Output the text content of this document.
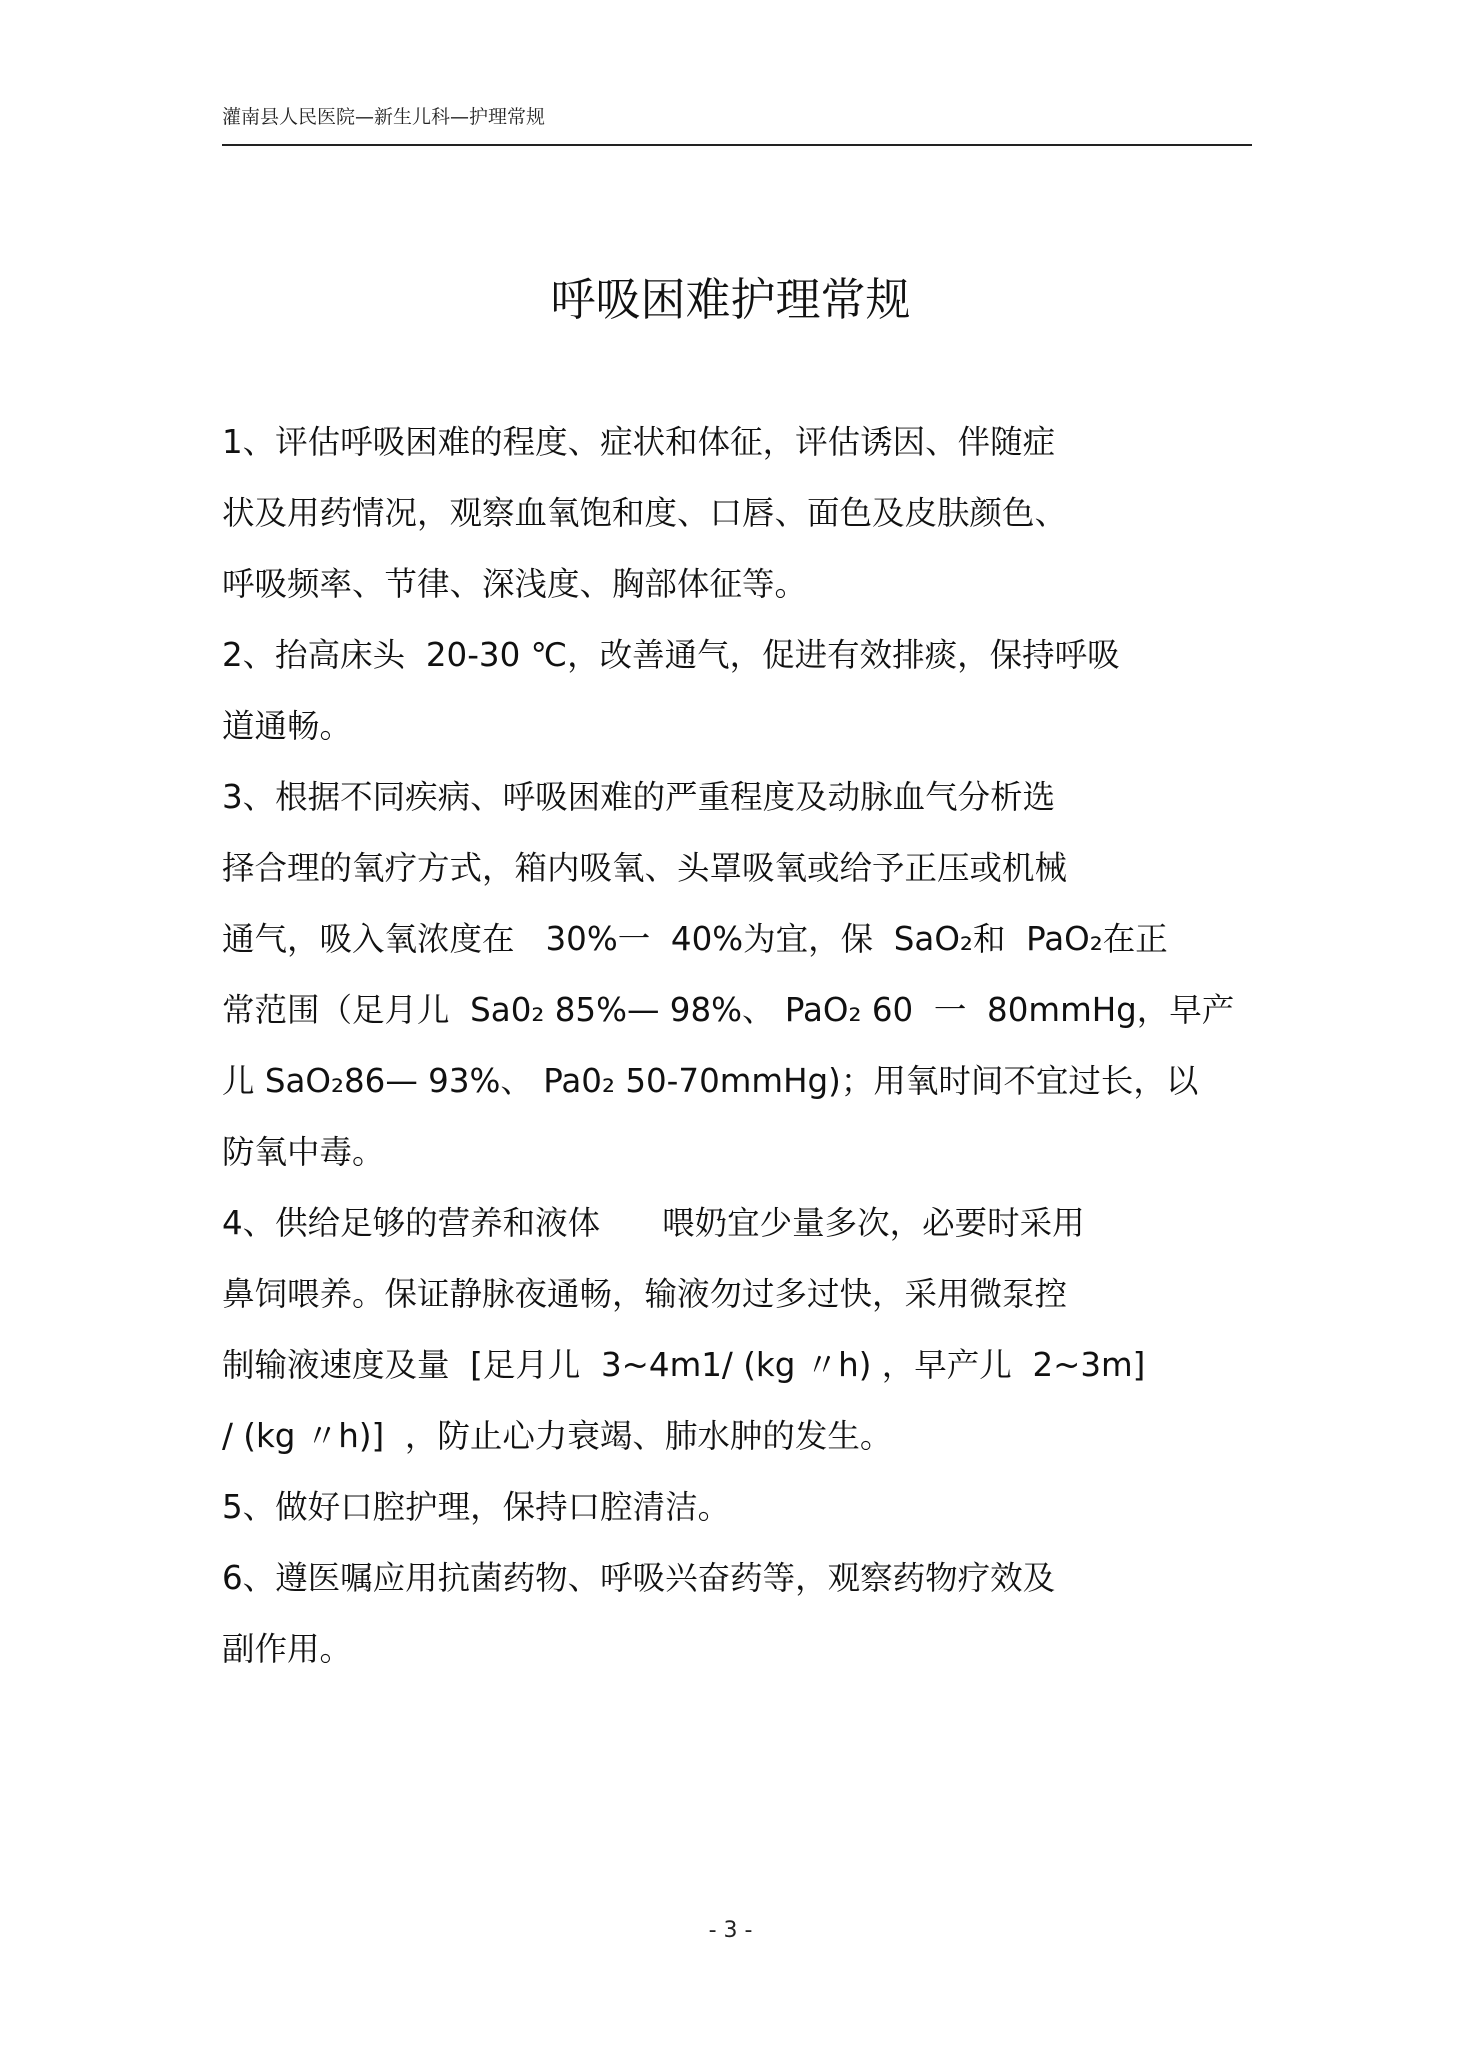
灌南县人民医院—新生儿科—护理常规
呼吸困难护理常规
1、评估呼吸困难的程度、症状和体征，评估诱因、伴随症
状及用药情况，观察血氧饱和度、口唇、面色及皮肤颜色、
呼吸频率、节律、深浅度、胸部体征等。
2、抬高床头  20-30 ℃，改善通气，促进有效排痰，保持呼吸
道通畅。
3、根据不同疾病、呼吸困难的严重程度及动脉血气分析选
择合理的氧疗方式，箱内吸氧、头罩吸氧或给予正压或机械
通气，吸入氧浓度在   30%一  40%为宜，保  SaO₂和  PaO₂在正
常范围（足月儿  Sa0₂ 85%— 98%、 PaO₂ 60  一  80mmHg，早产
儿 SaO₂86— 93%、 Pa0₂ 50-70mmHg)；用氧时间不宜过长，以
防氧中毒。
4、供给足够的营养和液体      喂奶宜少量多次，必要时采用
鼻饲喂养。保证静脉夜通畅，输液勿过多过快，采用微泵控
制输液速度及量  [足月儿  3~4m1/ (kg 〃h) ，早产儿  2~3m]
/ (kg 〃h)]  ，防止心力衰竭、肺水肿的发生。
5、做好口腔护理，保持口腔清洁。
6、遵医嘱应用抗菌药物、呼吸兴奋药等，观察药物疗效及
副作用。
- 3 -
